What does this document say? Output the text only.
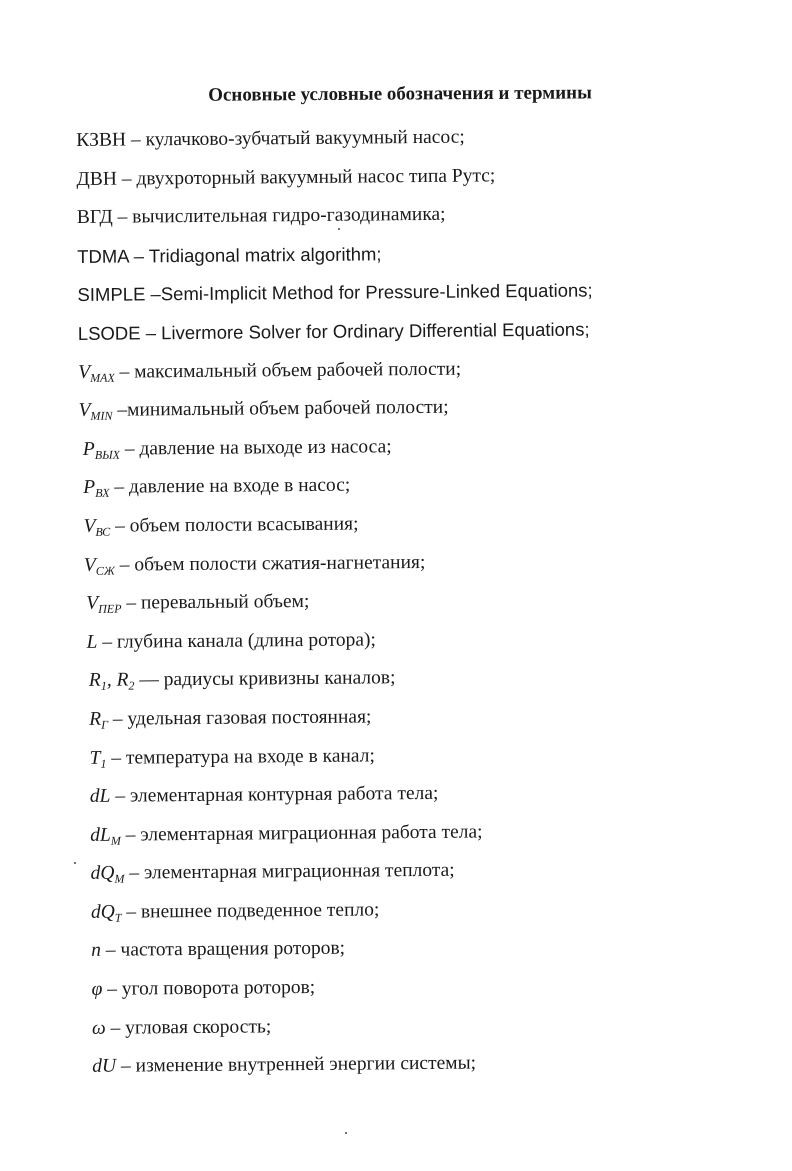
Основные условные обозначения и термины
КЗВН – кулачково-зубчатый вакуумный насос;
ДВН – двухроторный вакуумный насос типа Рутс;
ВГД – вычислительная гидро-газодинамика;
TDMA – Tridiagonal matrix algorithm;
SIMPLE –Semi-Implicit Method for Pressure-Linked Equations;
LSODE – Livermore Solver for Ordinary Differential Equations;
$V_{MAX}$ – максимальный объем рабочей полости;
$V_{MIN}$ –минимальный объем рабочей полости;
$P_{ВЫХ}$ – давление на выходе из насоса;
$P_{ВХ}$ – давление на входе в насос;
$V_{ВС}$ – объем полости всасывания;
$V_{СЖ}$ – объем полости сжатия-нагнетания;
$V_{ПЕР}$ – перевальный объем;
L – глубина канала (длина ротора);
$R_1$, $R_2$ — радиусы кривизны каналов;
$R_Г$ – удельная газовая постоянная;
$T_1$ – температура на входе в канал;
dL – элементарная контурная работа тела;
$dL_M$ – элементарная миграционная работа тела;
$dQ_M$ – элементарная миграционная теплота;
$dQ_T$ – внешнее подведенное тепло;
n – частота вращения роторов;
φ – угол поворота роторов;
ω – угловая скорость;
dU – изменение внутренней энергии системы;
